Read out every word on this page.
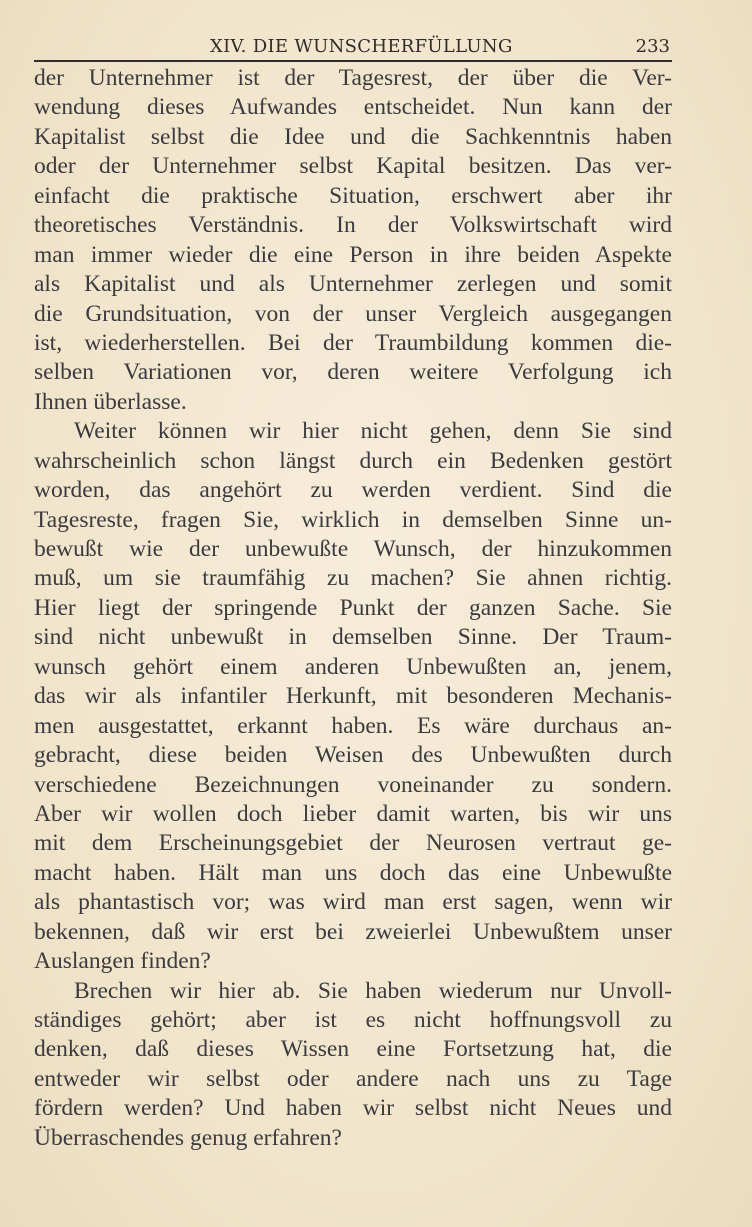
XIV. DIE WUNSCHERFÜLLUNG	233
der Unternehmer ist der Tagesrest, der über die Ver-
wendung dieses Aufwandes entscheidet. Nun kann der
Kapitalist selbst die Idee und die Sachkenntnis haben
oder der Unternehmer selbst Kapital besitzen. Das ver-
einfacht die praktische Situation, erschwert aber ihr
theoretisches Verständnis. In der Volkswirtschaft wird
man immer wieder die eine Person in ihre beiden Aspekte
als Kapitalist und als Unternehmer zerlegen und somit
die Grundsituation, von der unser Vergleich ausgegangen
ist, wiederherstellen. Bei der Traumbildung kommen die-
selben Variationen vor, deren weitere Verfolgung ich
Ihnen überlasse.
Weiter können wir hier nicht gehen, denn Sie sind
wahrscheinlich schon längst durch ein Bedenken gestört
worden, das angehört zu werden verdient. Sind die
Tagesreste, fragen Sie, wirklich in demselben Sinne un-
bewußt wie der unbewußte Wunsch, der hinzukommen
muß, um sie traumfähig zu machen? Sie ahnen richtig.
Hier liegt der springende Punkt der ganzen Sache. Sie
sind nicht unbewußt in demselben Sinne. Der Traum-
wunsch gehört einem anderen Unbewußten an, jenem,
das wir als infantiler Herkunft, mit besonderen Mechanis-
men ausgestattet, erkannt haben. Es wäre durchaus an-
gebracht, diese beiden Weisen des Unbewußten durch
verschiedene Bezeichnungen voneinander zu sondern.
Aber wir wollen doch lieber damit warten, bis wir uns
mit dem Erscheinungsgebiet der Neurosen vertraut ge-
macht haben. Hält man uns doch das eine Unbewußte
als phantastisch vor; was wird man erst sagen, wenn wir
bekennen, daß wir erst bei zweierlei Unbewußtem unser
Auslangen finden?
Brechen wir hier ab. Sie haben wiederum nur Unvoll-
ständiges gehört; aber ist es nicht hoffnungsvoll zu
denken, daß dieses Wissen eine Fortsetzung hat, die
entweder wir selbst oder andere nach uns zu Tage
fördern werden? Und haben wir selbst nicht Neues und
Überraschendes genug erfahren?
